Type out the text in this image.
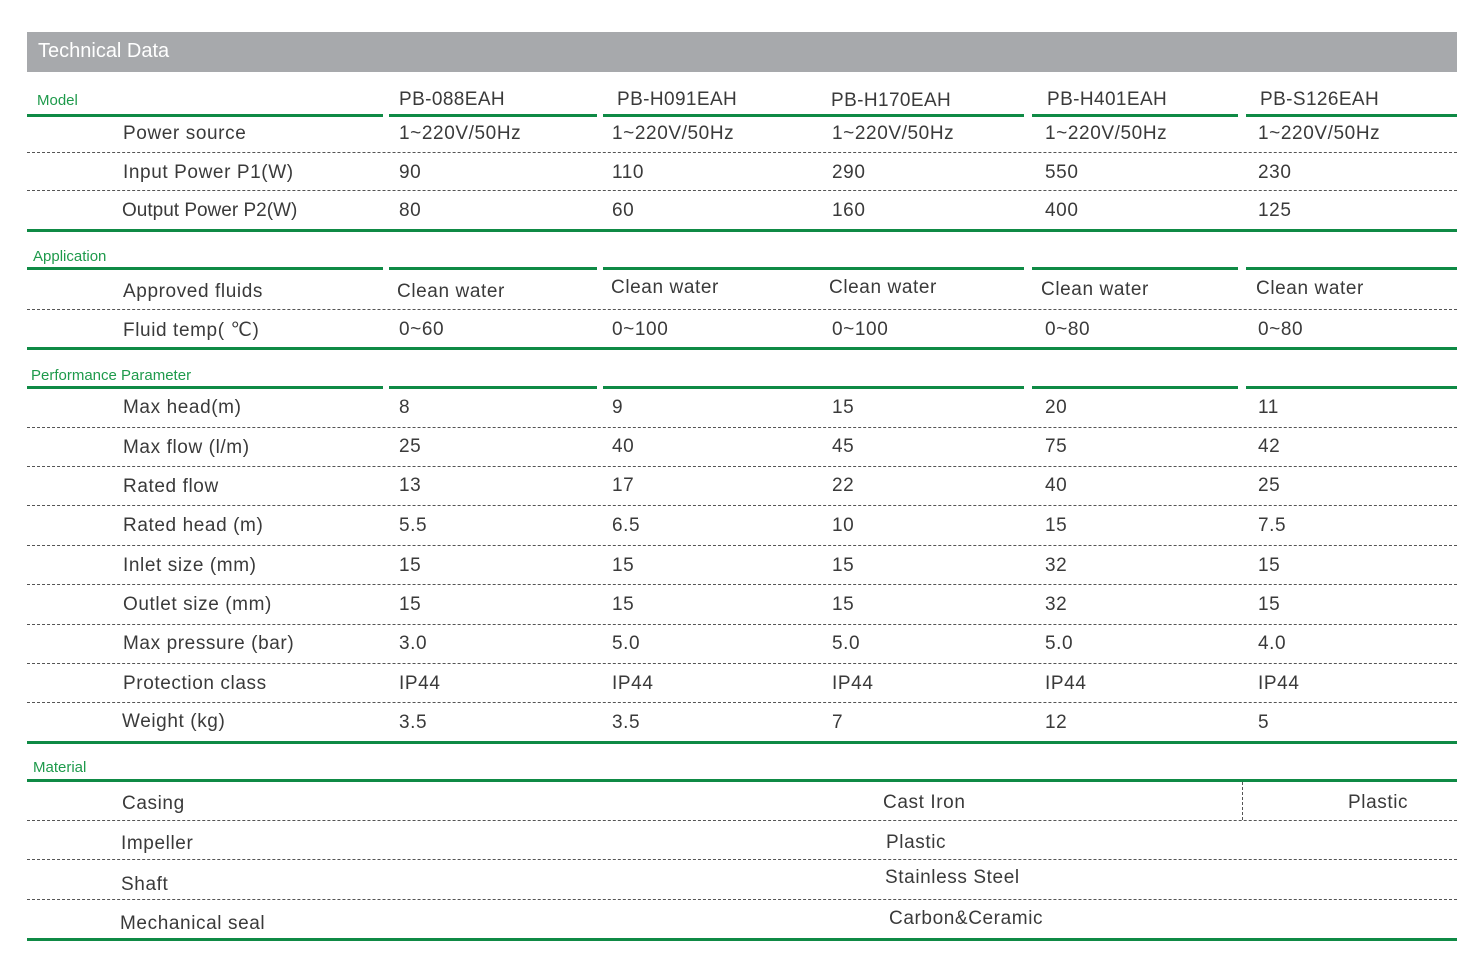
Technical Data
Model	PB-088EAH	PB-H091EAH	PB-H170EAH	PB-H401EAH	PB-S126EAH
Power source	1~220V/50Hz	1~220V/50Hz	1~220V/50Hz	1~220V/50Hz	1~220V/50Hz
Input Power P1(W)	90	110	290	550	230
Output Power P2(W)	80	60	160	400	125
Application
Approved fluids	Clean water	Clean water	Clean water	Clean water	Clean water
Fluid temp( ℃)	0~60	0~100	0~100	0~80	0~80
Performance Parameter
Max head(m)	8	9	15	20	11
Max flow (l/m)	25	40	45	75	42
Rated flow	13	17	22	40	25
Rated head (m)	5.5	6.5	10	15	7.5
Inlet size (mm)	15	15	15	32	15
Outlet size (mm)	15	15	15	32	15
Max pressure (bar)	3.0	5.0	5.0	5.0	4.0
Protection class	IP44	IP44	IP44	IP44	IP44
Weight (kg)	3.5	3.5	7	12	5
Material
Casing	Cast Iron	Plastic
Impeller	Plastic
Shaft	Stainless Steel
Mechanical seal	Carbon&Ceramic
